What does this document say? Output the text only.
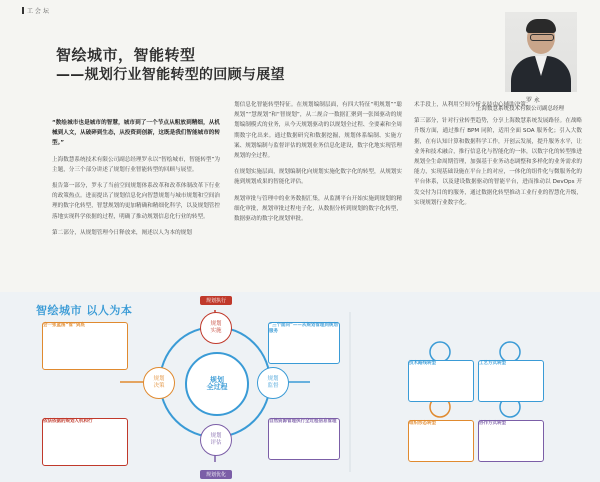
工 会 坛
智绘城市，智能转型
——规划行业智能转型的回顾与展望
罗 永
上海数慧系统技术有限公司副总经理

“数绘城市也是城市的智慧，城市到了一个节点从粗放到精细，从机械到人文，从破碎到生态，从投资到创新，这既是我们智能城市的转型。”

上海数慧系统技术有限公司副总经理罗永以“智绘城市，智能转型”为主题，分三个部分讲述了规划行业智能转型的回顾与展望。

报告第一部分，罗永了当前空间规划体系改革和改革体制改革下行业的政策热点。进而提出了规划信息化向智慧规划与城市规划和空间治理的数字化转型，智慧规划的更加精确和精细化科学，以及规划管控落地实现科学依据的过程，明确了推动规划信息化行业的转型。

第二部分，从规划管理今日释放来，阐述以人为本的规划

划信息化智能转型特征。在规划编制层面，有四大特征“明规划”“聪规划”“慧规划”和“智规划”，从二规合一数据汇聚到一张图驱动的规划编制模式的业务，从今天规划驱动的以规划全过程、全要素和全周期数字化出来。通过数据研究和数据挖掘，规划体系编制、实施方案、规划编制与监督评估的规划业务信息化建设，数字化地实现管理规划的全过程。

在规划实施层面，规划编制化向规划实施化数字化的转型，从规划实施到规划成果的智能化评估。

规划审批与管理中的业务数据汇集，从监测平台开始实施到规划的精细化审批，规划审批过程电子化，从数据分析到规划的数字化转型，数据驱动的数字化规划审批。

术手段上，从利用空间分析支持中心辅助决策。

第三部分，针对行业转型趋势，分享上海数慧系统发展路径。在战略升级方面，通过推行 BPM 同阶，适用全面 SOA 服务化；引入大数据，在有认知计算和数据科学工作，开创云发展，提升服务水平，让业务和技术融合，推行信息化与智能化的一体，以数字化的转型推进规划全生命周期管理，加强基于业务动态调整和多样化的业务需求的能力，实现基础设施在平台上的对应，一体化的组件化与微服务化的平台体系，以及建设数据驱动的智能平台，进而推动以 DevOps 开发交付为目的的服务，通过数据化转型推动工业行业的智慧化升级，实现规划行业数字化。

智绘城市 以人为本
规划
全过程
规划
实施
规划
决策
规划
监督
规划
评估
规划执行
规划优化
会一张蓝图“管”到底
依法依据的规划人机和行
“三个面向”——从规划管理到规划服务
自然资源管理执行全过程信息管理
技术路线转型	工艺方式转型
组织形态转型	协作方式转型
